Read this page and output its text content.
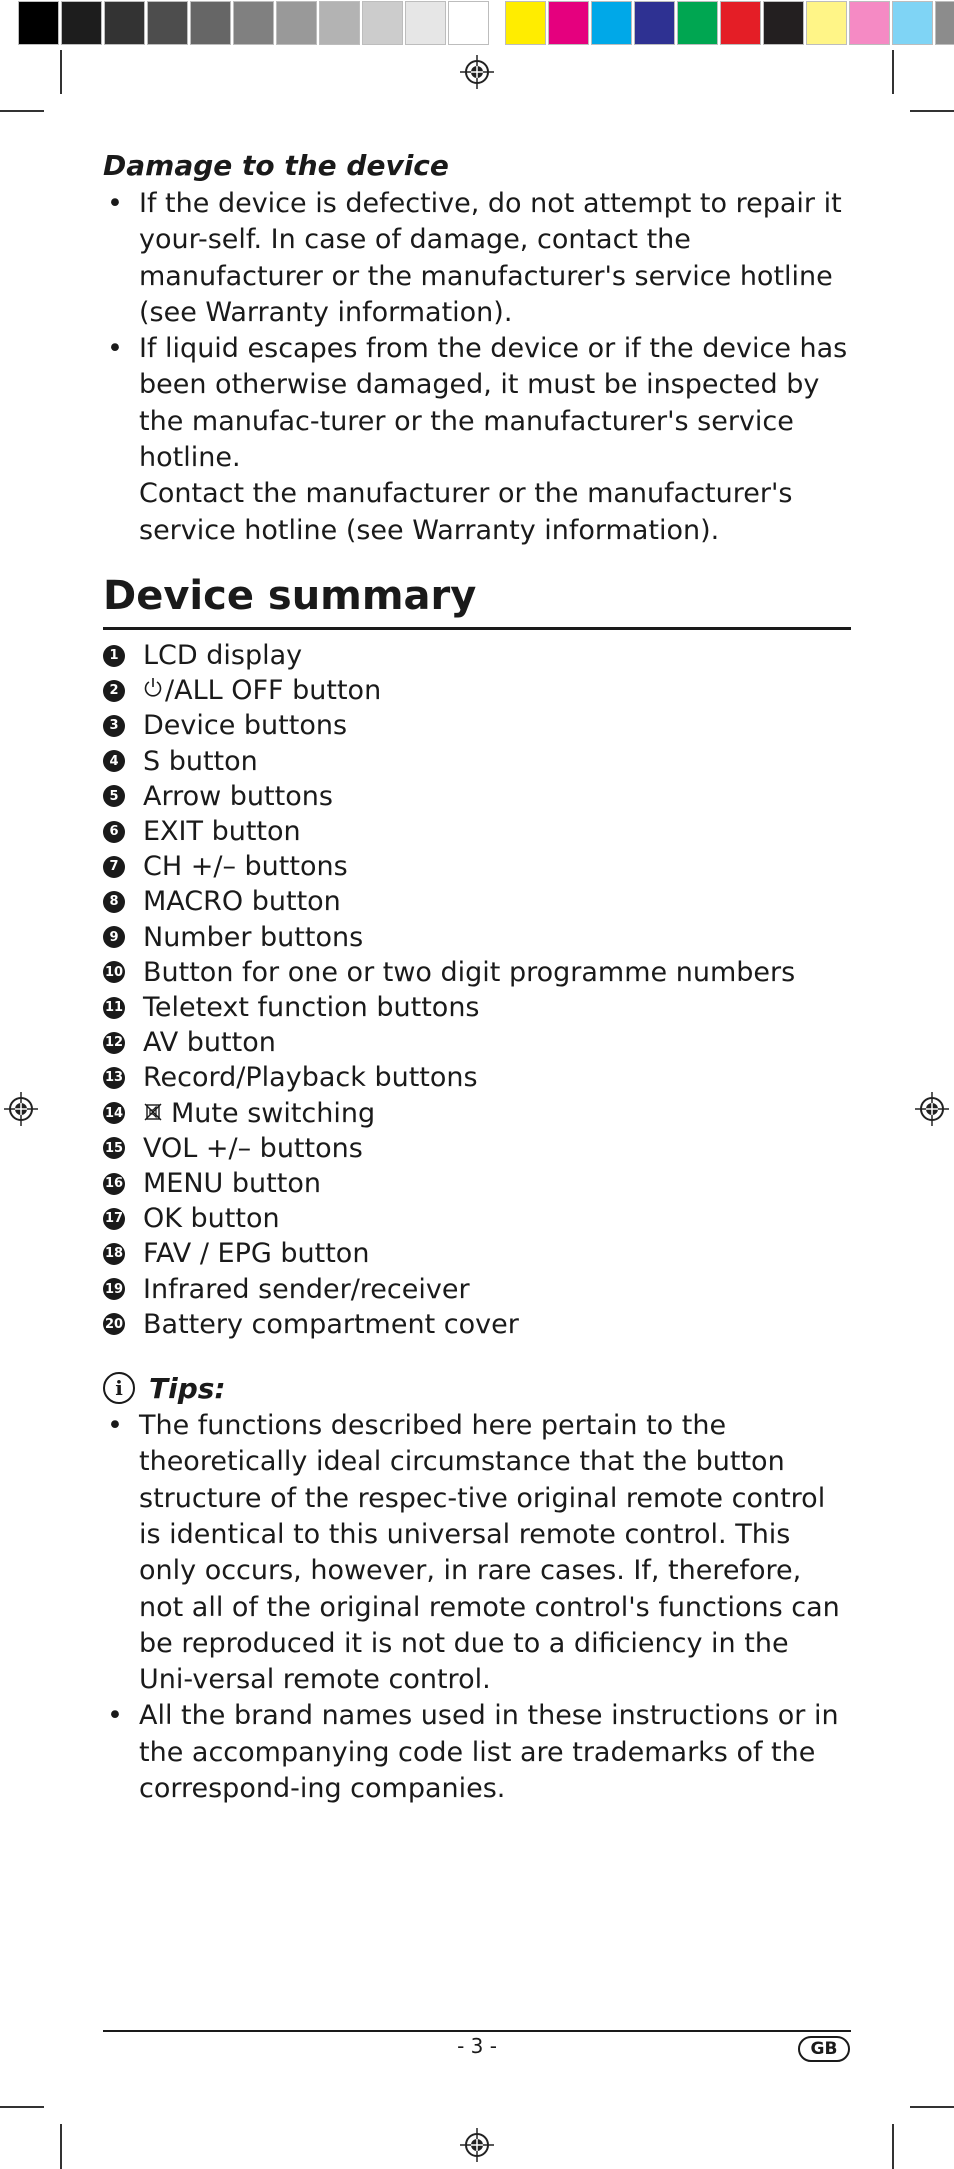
Damage to the device
• If the device is defective, do not attempt to repair it your-self. In case of damage, contact the manufacturer or the manufacturer's service hotline (see Warranty information).
• If liquid escapes from the device or if the device has been otherwise damaged, it must be inspected by the manufac-turer or the manufacturer's service hotline.
Contact the manufacturer or the manufacturer's service hotline (see Warranty information).
Device summary
1 LCD display
2 /ALL OFF button
3 Device buttons
4 S button
5 Arrow buttons
6 EXIT button
7 CH +/– buttons
8 MACRO button
9 Number buttons
10 Button for one or two digit programme numbers
11 Teletext function buttons
12 AV button
13 Record/Playback buttons
14 Mute switching
15 VOL +/– buttons
16 MENU button
17 OK button
18 FAV / EPG button
19 Infrared sender/receiver
20 Battery compartment cover
i Tips:
• The functions described here pertain to the theoretically ideal circumstance that the button structure of the respec-tive original remote control is identical to this universal remote control. This only occurs, however, in rare cases. If, therefore, not all of the original remote control's functions can be reproduced it is not due to a dificiency in the Uni-versal remote control.
• All the brand names used in these instructions or in the accompanying code list are trademarks of the correspond-ing companies.
- 3 -	GB
